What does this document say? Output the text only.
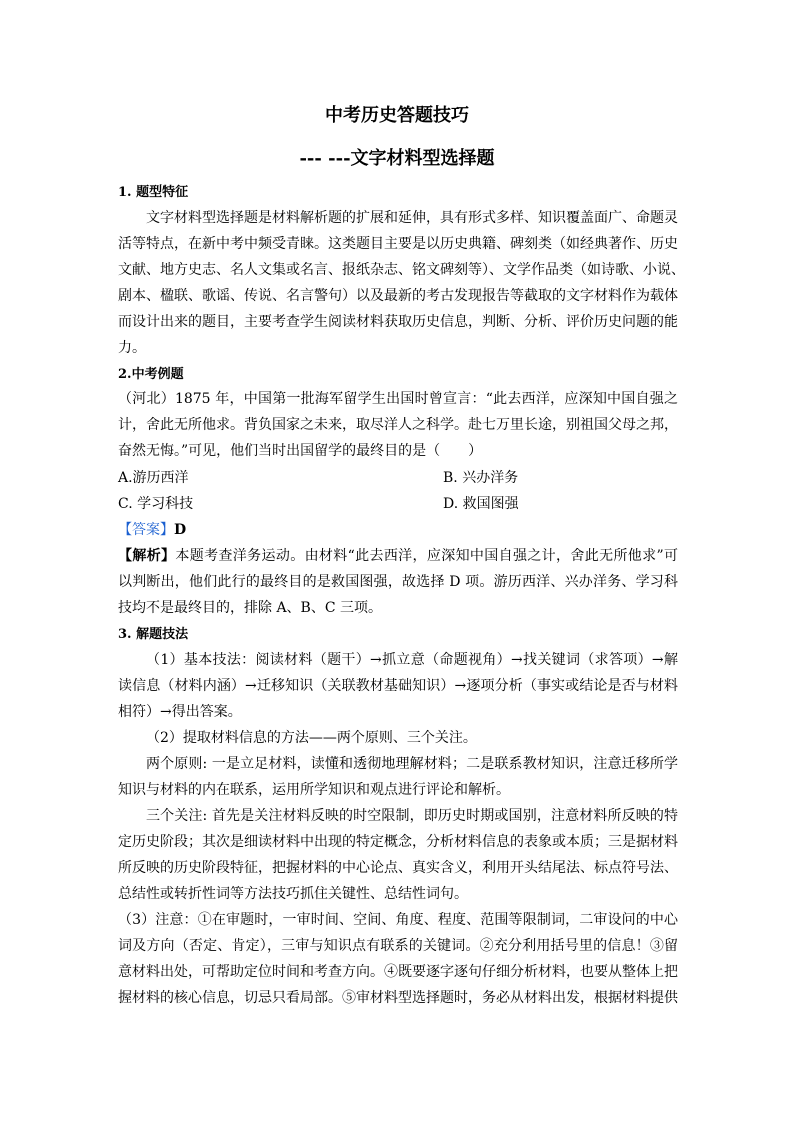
中考历史答题技巧
--- ---文字材料型选择题
1. 题型特征
文字材料型选择题是材料解析题的扩展和延伸，具有形式多样、知识覆盖面广、命题灵
活等特点，在新中考中频受青睐。这类题目主要是以历史典籍、碑刻类（如经典著作、历史
文献、地方史志、名人文集或名言、报纸杂志、铭文碑刻等）、文学作品类（如诗歌、小说、
剧本、楹联、歌谣、传说、名言警句）以及最新的考古发现报告等截取的文字材料作为载体
而设计出来的题目，主要考查学生阅读材料获取历史信息，判断、分析、评价历史问题的能
力。
2.中考例题
（河北）1875 年，中国第一批海军留学生出国时曾宣言：“此去西洋，应深知中国自强之
计，舍此无所他求。背负国家之未来，取尽洋人之科学。赴七万里长途，别祖国父母之邦，
奋然无悔。”可见，他们当时出国留学的最终目的是（　　）
A.游历西洋	B. 兴办洋务
C. 学习科技	D. 救国图强
【答案】D
【解析】本题考查洋务运动。由材料“此去西洋，应深知中国自强之计，舍此无所他求”可
以判断出，他们此行的最终目的是救国图强，故选择 D 项。游历西洋、兴办洋务、学习科
技均不是最终目的，排除 A、B、C 三项。
3. 解题技法
（1）基本技法：阅读材料（题干）→抓立意（命题视角）→找关键词（求答项）→解
读信息（材料内涵）→迁移知识（关联教材基础知识）→逐项分析（事实或结论是否与材料
相符）→得出答案。
（2）提取材料信息的方法——两个原则、三个关注。
两个原则: 一是立足材料，读懂和透彻地理解材料；二是联系教材知识，注意迁移所学
知识与材料的内在联系，运用所学知识和观点进行评论和解析。
三个关注: 首先是关注材料反映的时空限制，即历史时期或国别，注意材料所反映的特
定历史阶段；其次是细读材料中出现的特定概念，分析材料信息的表象或本质；三是据材料
所反映的历史阶段特征，把握材料的中心论点、真实含义，利用开头结尾法、标点符号法、
总结性或转折性词等方法技巧抓住关键性、总结性词句。
（3）注意：①在审题时，一审时间、空间、角度、程度、范围等限制词，二审设问的中心
词及方向（否定、肯定），三审与知识点有联系的关键词。②充分利用括号里的信息！③留
意材料出处，可帮助定位时间和考查方向。④既要逐字逐句仔细分析材料，也要从整体上把
握材料的核心信息，切忌只看局部。⑤审材料型选择题时，务必从材料出发，根据材料提供
